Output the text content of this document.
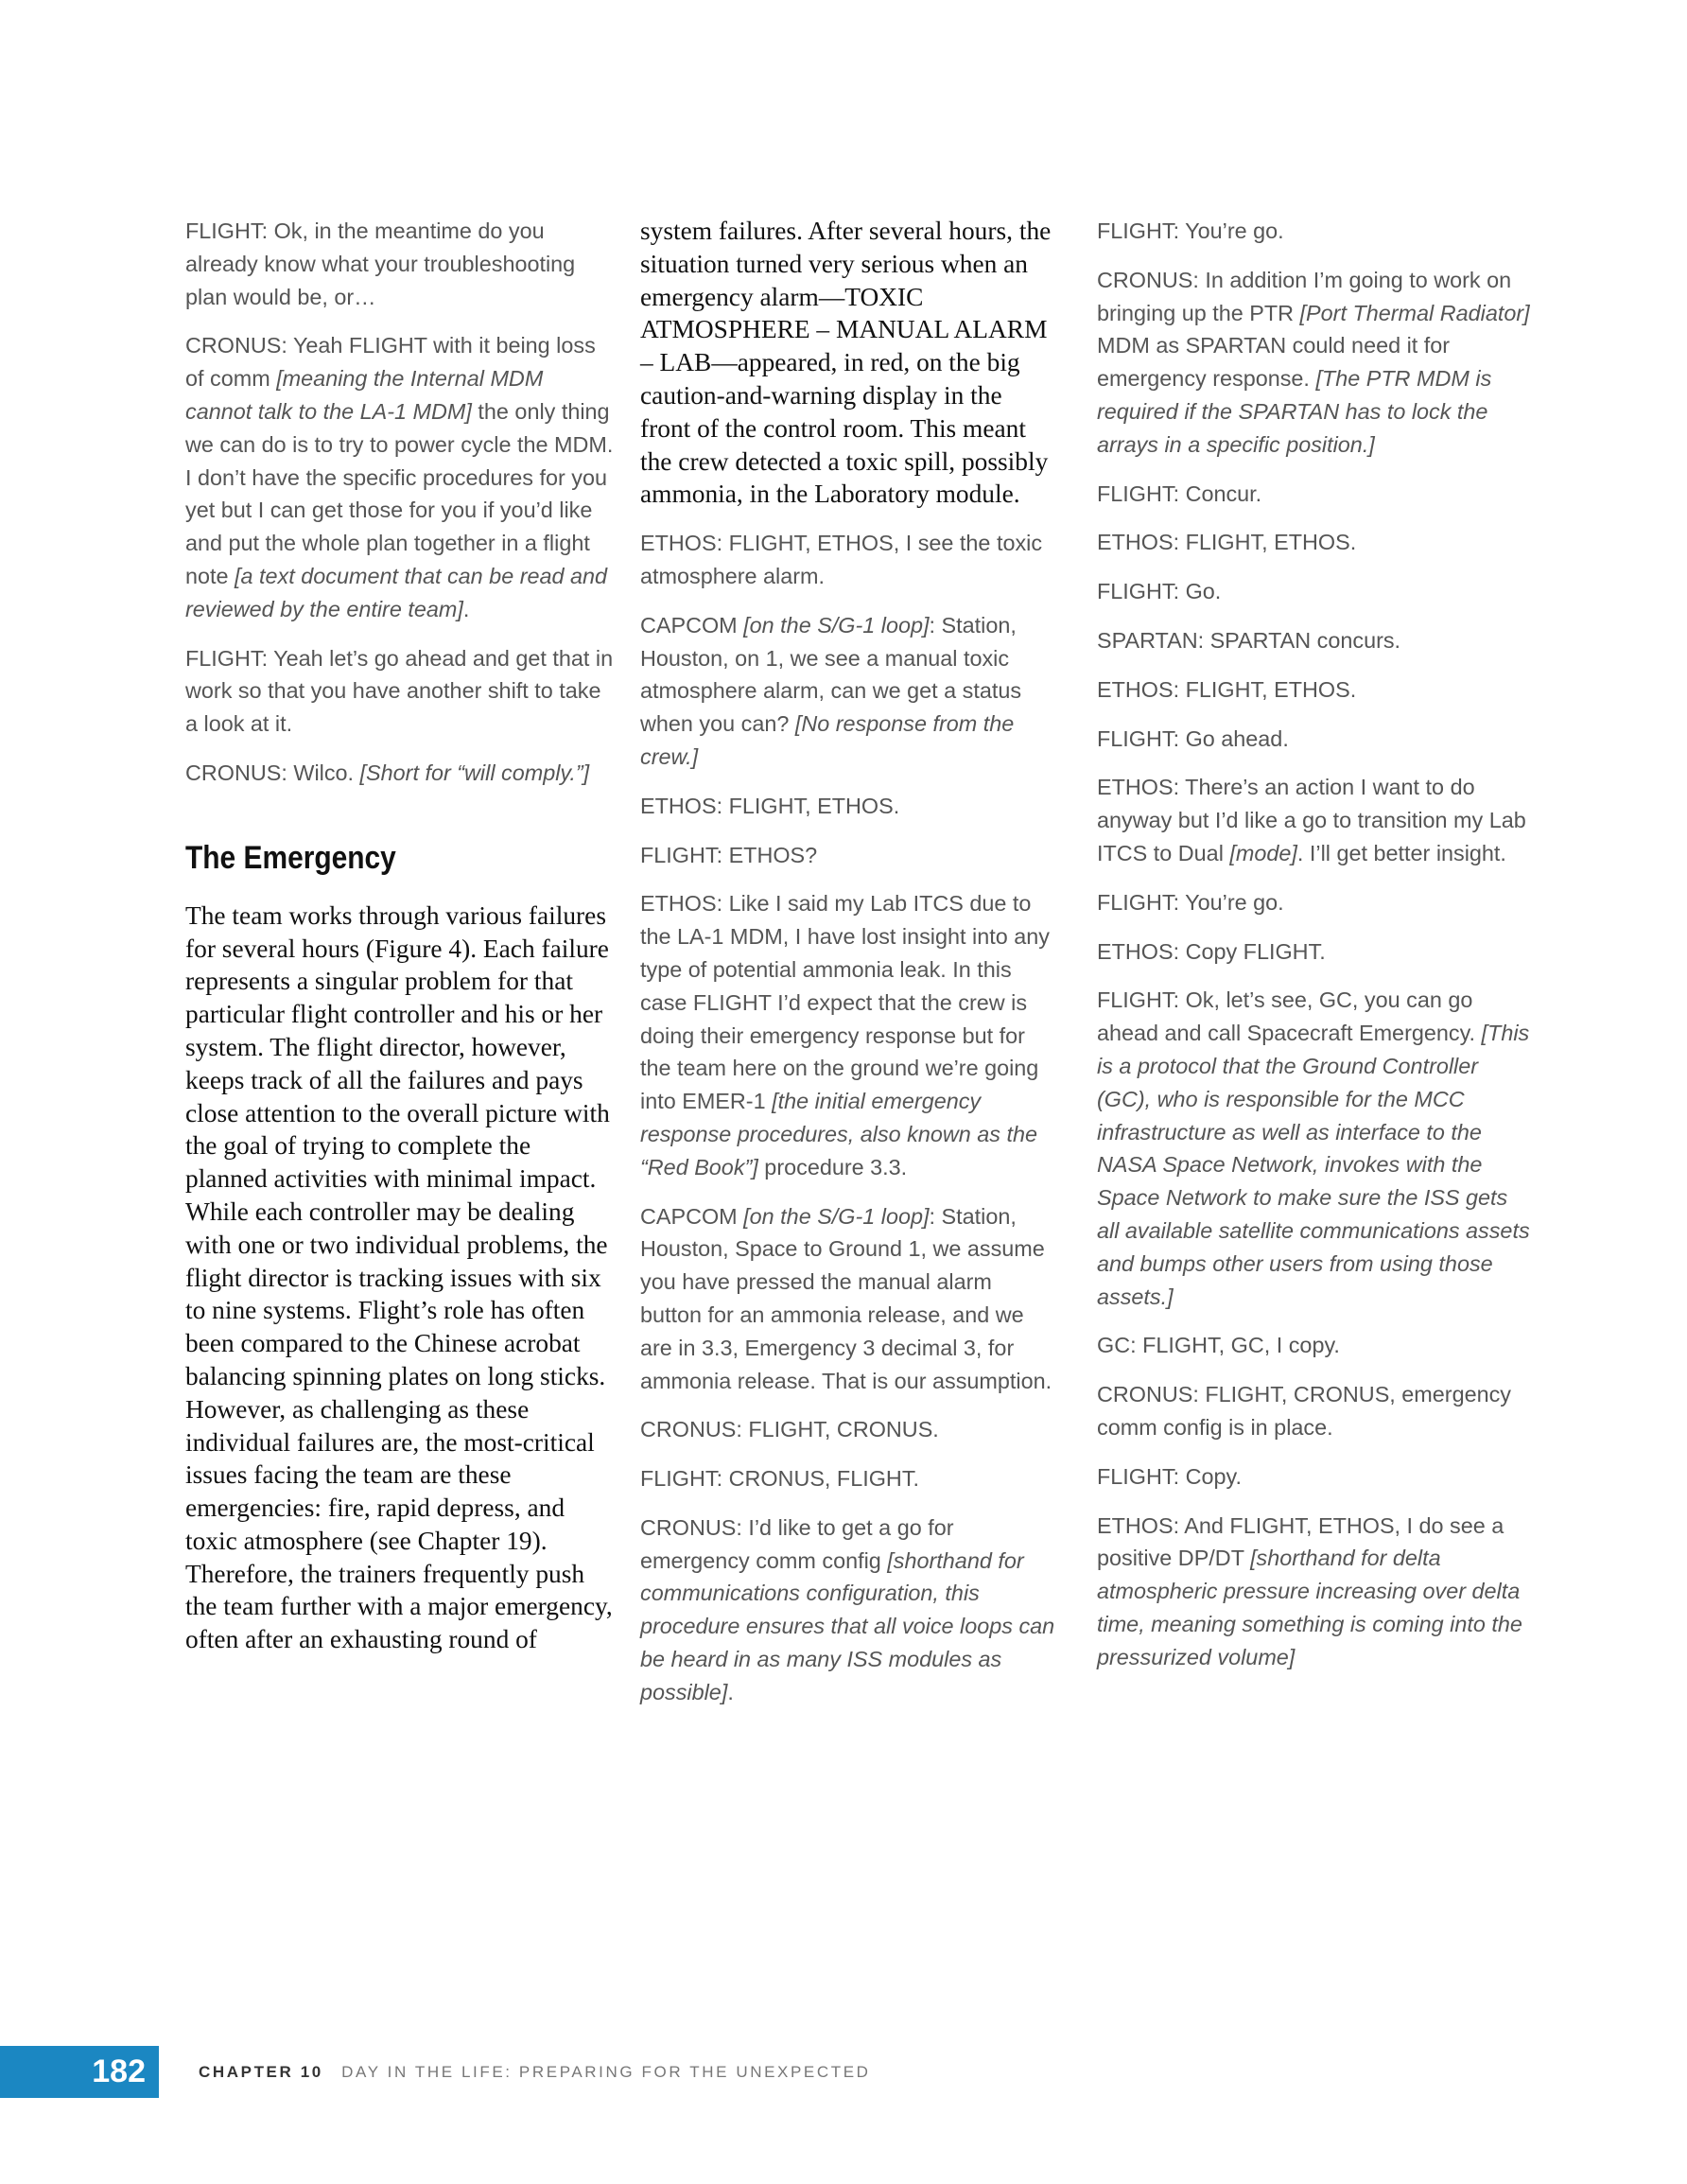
FLIGHT: Ok, in the meantime do you already know what your troubleshooting plan would be, or…

CRONUS: Yeah FLIGHT with it being loss of comm [meaning the Internal MDM cannot talk to the LA-1 MDM] the only thing we can do is to try to power cycle the MDM. I don’t have the specific procedures for you yet but I can get those for you if you’d like and put the whole plan together in a flight note [a text document that can be read and reviewed by the entire team].

FLIGHT: Yeah let’s go ahead and get that in work so that you have another shift to take a look at it.

CRONUS: Wilco. [Short for “will comply.”]

The Emergency

The team works through various failures for several hours (Figure 4). Each failure represents a singular problem for that particular flight controller and his or her system. The flight director, however, keeps track of all the failures and pays close attention to the overall picture with the goal of trying to complete the planned activities with minimal impact. While each controller may be dealing with one or two individual problems, the flight director is tracking issues with six to nine systems. Flight’s role has often been compared to the Chinese acrobat balancing spinning plates on long sticks. However, as challenging as these individual failures are, the most-critical issues facing the team are these emergencies: fire, rapid depress, and toxic atmosphere (see Chapter 19). Therefore, the trainers frequently push the team further with a major emergency, often after an exhausting round of

system failures. After several hours, the situation turned very serious when an emergency alarm—TOXIC ATMOSPHERE – MANUAL ALARM – LAB—appeared, in red, on the big caution-and-warning display in the front of the control room. This meant the crew detected a toxic spill, possibly ammonia, in the Laboratory module.

ETHOS: FLIGHT, ETHOS, I see the toxic atmosphere alarm.

CAPCOM [on the S/G-1 loop]: Station, Houston, on 1, we see a manual toxic atmosphere alarm, can we get a status when you can? [No response from the crew.]

ETHOS: FLIGHT, ETHOS.

FLIGHT: ETHOS?

ETHOS: Like I said my Lab ITCS due to the LA-1 MDM, I have lost insight into any type of potential ammonia leak. In this case FLIGHT I’d expect that the crew is doing their emergency response but for the team here on the ground we’re going into EMER-1 [the initial emergency response procedures, also known as the “Red Book”] procedure 3.3.

CAPCOM [on the S/G-1 loop]: Station, Houston, Space to Ground 1, we assume you have pressed the manual alarm button for an ammonia release, and we are in 3.3, Emergency 3 decimal 3, for ammonia release. That is our assumption.

CRONUS: FLIGHT, CRONUS.

FLIGHT: CRONUS, FLIGHT.

CRONUS: I’d like to get a go for emergency comm config [shorthand for communications configuration, this procedure ensures that all voice loops can be heard in as many ISS modules as possible].

FLIGHT: You’re go.

CRONUS: In addition I’m going to work on bringing up the PTR [Port Thermal Radiator] MDM as SPARTAN could need it for emergency response. [The PTR MDM is required if the SPARTAN has to lock the arrays in a specific position.]

FLIGHT: Concur.

ETHOS: FLIGHT, ETHOS.

FLIGHT: Go.

SPARTAN: SPARTAN concurs.

ETHOS: FLIGHT, ETHOS.

FLIGHT: Go ahead.

ETHOS: There’s an action I want to do anyway but I’d like a go to transition my Lab ITCS to Dual [mode]. I’ll get better insight.

FLIGHT: You’re go.

ETHOS: Copy FLIGHT.

FLIGHT: Ok, let’s see, GC, you can go ahead and call Spacecraft Emergency. [This is a protocol that the Ground Controller (GC), who is responsible for the MCC infrastructure as well as interface to the NASA Space Network, invokes with the Space Network to make sure the ISS gets all available satellite communications assets and bumps other users from using those assets.]

GC: FLIGHT, GC, I copy.

CRONUS: FLIGHT, CRONUS, emergency comm config is in place.

FLIGHT: Copy.

ETHOS: And FLIGHT, ETHOS, I do see a positive DP/DT [shorthand for delta atmospheric pressure increasing over delta time, meaning something is coming into the pressurized volume]

182	CHAPTER 10 DAY IN THE LIFE: PREPARING FOR THE UNEXPECTED
